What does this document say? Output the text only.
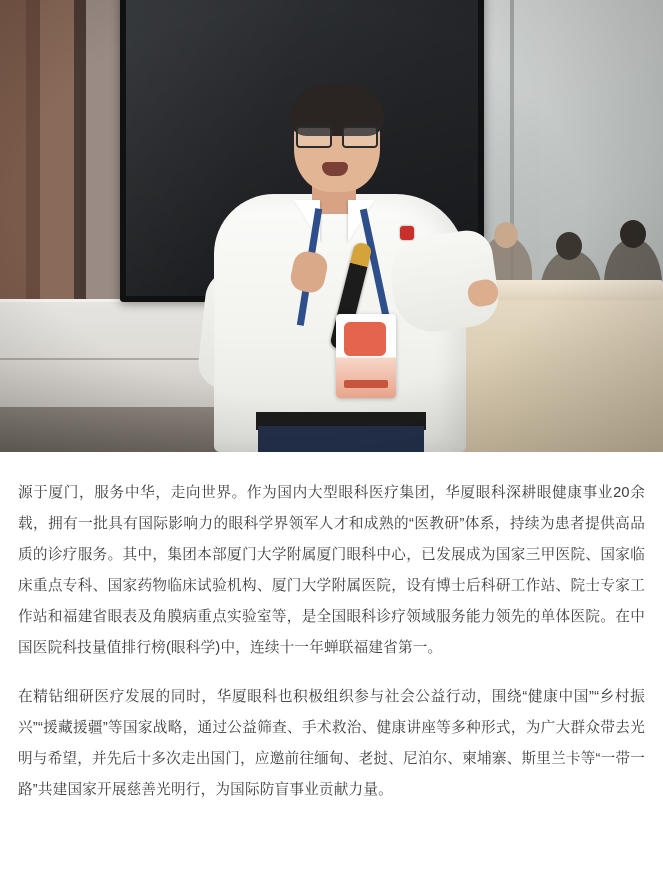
源于厦门，服务中华，走向世界。作为国内大型眼科医疗集团，华厦眼科深耕眼健康事业20余载，拥有一批具有国际影响力的眼科学界领军人才和成熟的“医教研”体系，持续为患者提供高品质的诊疗服务。其中，集团本部厦门大学附属厦门眼科中心，已发展成为国家三甲医院、国家临床重点专科、国家药物临床试验机构、厦门大学附属医院，设有博士后科研工作站、院士专家工作站和福建省眼表及角膜病重点实验室等，是全国眼科诊疗领域服务能力领先的单体医院。在中国医院科技量值排行榜(眼科学)中，连续十一年蝉联福建省第一。

在精钻细研医疗发展的同时，华厦眼科也积极组织参与社会公益行动，围绕“健康中国”“乡村振兴”“援藏援疆”等国家战略，通过公益筛查、手术救治、健康讲座等多种形式，为广大群众带去光明与希望，并先后十多次走出国门，应邀前往缅甸、老挝、尼泊尔、柬埔寨、斯里兰卡等“一带一路”共建国家开展慈善光明行，为国际防盲事业贡献力量。
